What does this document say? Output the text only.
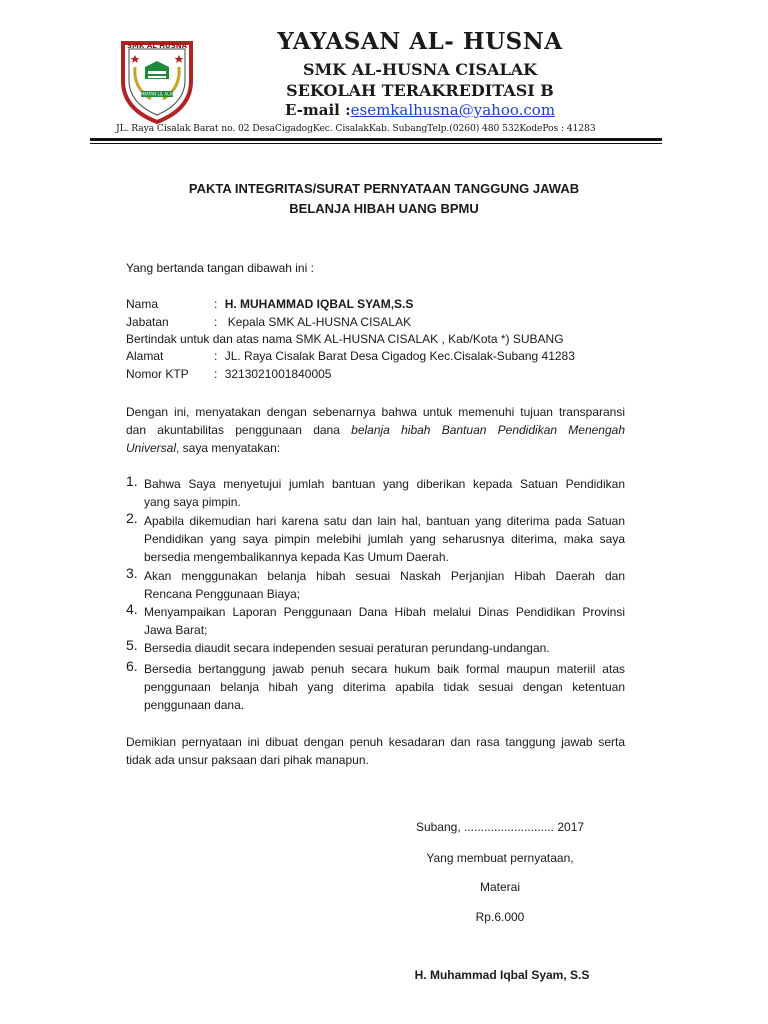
SMK AL HUSNA
RAHMATAN LIL ALAMIN
YAYASAN AL- HUSNA
SMK AL-HUSNA CISALAK
SEKOLAH TERAKREDITASI B
E-mail :esemkalhusna@yahoo.com
JL. Raya Cisalak Barat no. 02 DesaCigadogKec. CisalakKab. SubangTelp.(0260) 480 532KodePos : 41283
PAKTA INTEGRITAS/SURAT PERNYATAAN TANGGUNG JAWAB
BELANJA HIBAH UANG BPMU
Yang bertanda tangan dibawah ini :
Nama	: H. MUHAMMAD IQBAL SYAM,S.S
Jabatan	: Kepala SMK AL-HUSNA CISALAK
Bertindak untuk dan atas nama SMK AL-HUSNA CISALAK , Kab/Kota *) SUBANG
Alamat	: JL. Raya Cisalak Barat Desa Cigadog Kec.Cisalak-Subang 41283
Nomor KTP : 3213021001840005
Dengan ini, menyatakan dengan sebenarnya bahwa untuk memenuhi tujuan transparansi
dan akuntabilitas penggunaan dana belanja hibah Bantuan Pendidikan Menengah
Universal, saya menyatakan:
1. Bahwa Saya menyetujui jumlah bantuan yang diberikan kepada Satuan Pendidikan
yang saya pimpin.
2. Apabila dikemudian hari karena satu dan lain hal, bantuan yang diterima pada Satuan
Pendidikan yang saya pimpin melebihi jumlah yang seharusnya diterima, maka saya
bersedia mengembalikannya kepada Kas Umum Daerah.
3. Akan menggunakan belanja hibah sesuai Naskah Perjanjian Hibah Daerah dan
Rencana Penggunaan Biaya;
4. Menyampaikan Laporan Penggunaan Dana Hibah melalui Dinas Pendidikan Provinsi
Jawa Barat;
5. Bersedia diaudit secara independen sesuai peraturan perundang-undangan.
6. Bersedia bertanggung jawab penuh secara hukum baik formal maupun materiil atas
penggunaan belanja hibah yang diterima apabila tidak sesuai dengan ketentuan
penggunaan dana.
Demikian pernyataan ini dibuat dengan penuh kesadaran dan rasa tanggung jawab serta
tidak ada unsur paksaan dari pihak manapun.
Subang, ........................... 2017
Yang membuat pernyataan,
Materai
Rp.6.000
H. Muhammad Iqbal Syam, S.S
